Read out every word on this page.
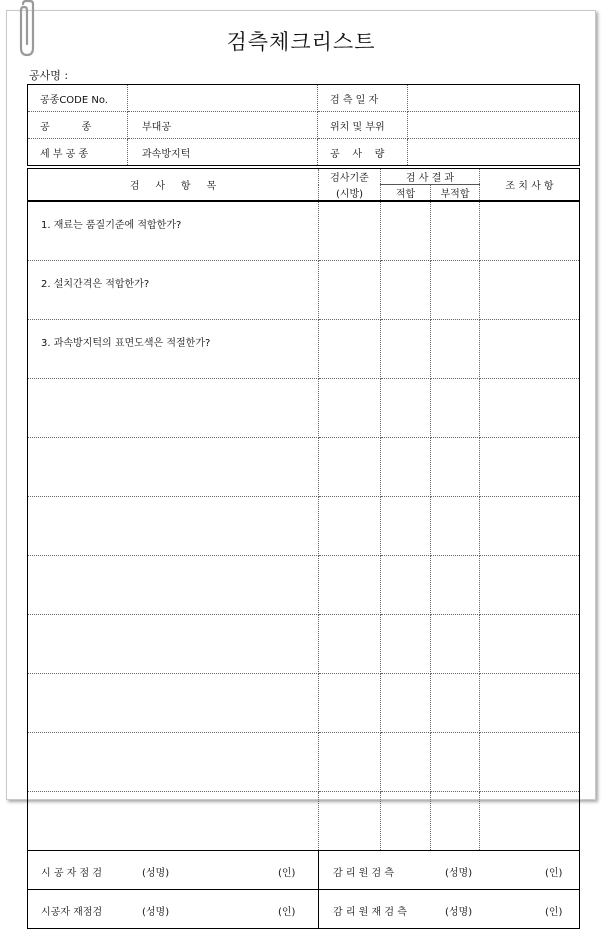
검측체크리스트
공사명 :
공종CODE No.		검 측 일 자	
공          종	부대공	위치 및 부위	
세 부 공 종	과속방지턱	공    사    량	
검     사     항     목	검사기준	검 사 결 과		조 치 사 항
	(시방)	적합	부적합	
1. 재료는 품질기준에 적합한가?				
2. 설치간격은 적합한가?				
3. 과속방지턱의 표면도색은 적절한가?				

시 공 자 점 검 (성명) (인)	감 리 원 검 측 (성명) (인)			

시공자 재점검 (성명) (인)	감 리 원 재 검 측 (성명) (인)			
